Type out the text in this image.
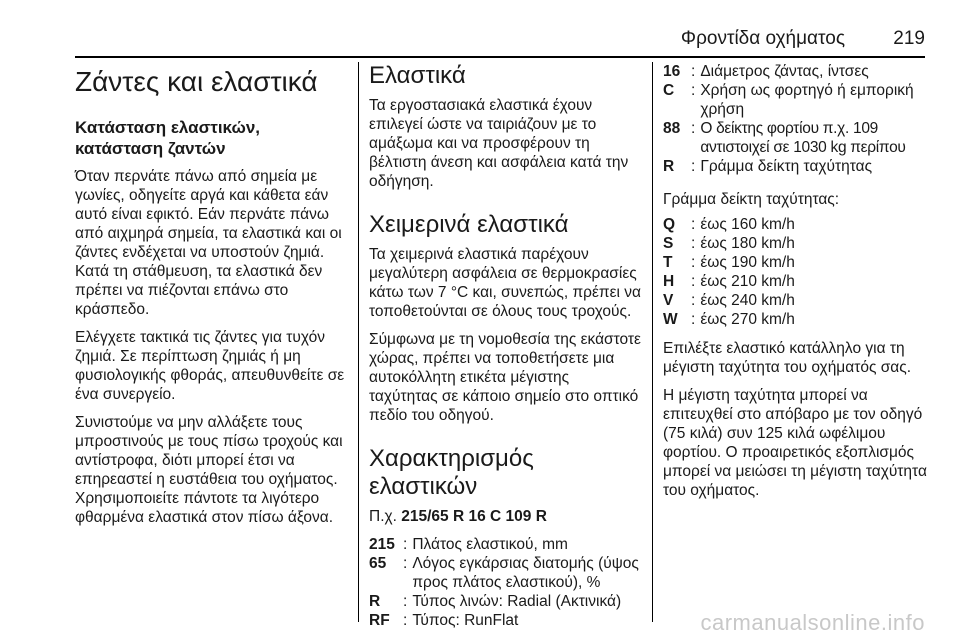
Φροντίδα οχήματος	219
Ζάντες και ελαστικά
Κατάσταση ελαστικών, κατάσταση ζαντών

Όταν περνάτε πάνω από σημεία με γωνίες, οδηγείτε αργά και κάθετα εάν αυτό είναι εφικτό. Εάν περνάτε πάνω από αιχμηρά σημεία, τα ελαστικά και οι ζάντες ενδέχεται να υποστούν ζημιά. Κατά τη στάθμευση, τα ελαστικά δεν πρέπει να πιέζονται επάνω στο κράσπεδο.

Ελέγχετε τακτικά τις ζάντες για τυχόν ζημιά. Σε περίπτωση ζημιάς ή μη φυσιολογικής φθοράς, απευθυνθείτε σε ένα συνεργείο.

Συνιστούμε να μην αλλάξετε τους μπροστινούς με τους πίσω τροχούς και αντίστροφα, διότι μπορεί έτσι να επηρεαστεί η ευστάθεια του οχήματος. Χρησιμοποιείτε πάντοτε τα λιγότερο φθαρμένα ελαστικά στον πίσω άξονα.

Ελαστικά

Τα εργοστασιακά ελαστικά έχουν επιλεγεί ώστε να ταιριάζουν με το αμάξωμα και να προσφέρουν τη βέλτιστη άνεση και ασφάλεια κατά την οδήγηση.

Χειμερινά ελαστικά

Τα χειμερινά ελαστικά παρέχουν μεγαλύτερη ασφάλεια σε θερμοκρασίες κάτω των 7 °C και, συνεπώς, πρέπει να τοποθετούνται σε όλους τους τροχούς.

Σύμφωνα με τη νομοθεσία της εκάστοτε χώρας, πρέπει να τοποθετήσετε μια αυτοκόλλητη ετικέτα μέγιστης ταχύτητας σε κάποιο σημείο στο οπτικό πεδίο του οδηγού.

Χαρακτηρισμός ελαστικών

Π.χ. 215/65 R 16 C 109 R

215	:	Πλάτος ελαστικού, mm
65	:	Λόγος εγκάρσιας διατομής (ύψος προς πλάτος ελαστικού), %
R	:	Τύπος λινών: Radial (Ακτινικά)
RF	:	Τύπος: RunFlat
16	:	Διάμετρος ζάντας, ίντσες
C	:	Χρήση ως φορτηγό ή εμπορική χρήση
88	:	Ο δείκτης φορτίου π.χ. 109 αντιστοιχεί σε 1030 kg περίπου
R	:	Γράμμα δείκτη ταχύτητας

Γράμμα δείκτη ταχύτητας:

Q	:	έως 160 km/h
S	:	έως 180 km/h
T	:	έως 190 km/h
H	:	έως 210 km/h
V	:	έως 240 km/h
W	:	έως 270 km/h

Επιλέξτε ελαστικό κατάλληλο για τη μέγιστη ταχύτητα του οχήματός σας.

Η μέγιστη ταχύτητα μπορεί να επιτευχθεί στο απόβαρο με τον οδηγό (75 κιλά) συν 125 κιλά ωφέλιμου φορτίου. Ο προαιρετικός εξοπλισμός μπορεί να μειώσει τη μέγιστη ταχύτητα του οχήματος.

carmanualsonline.info
